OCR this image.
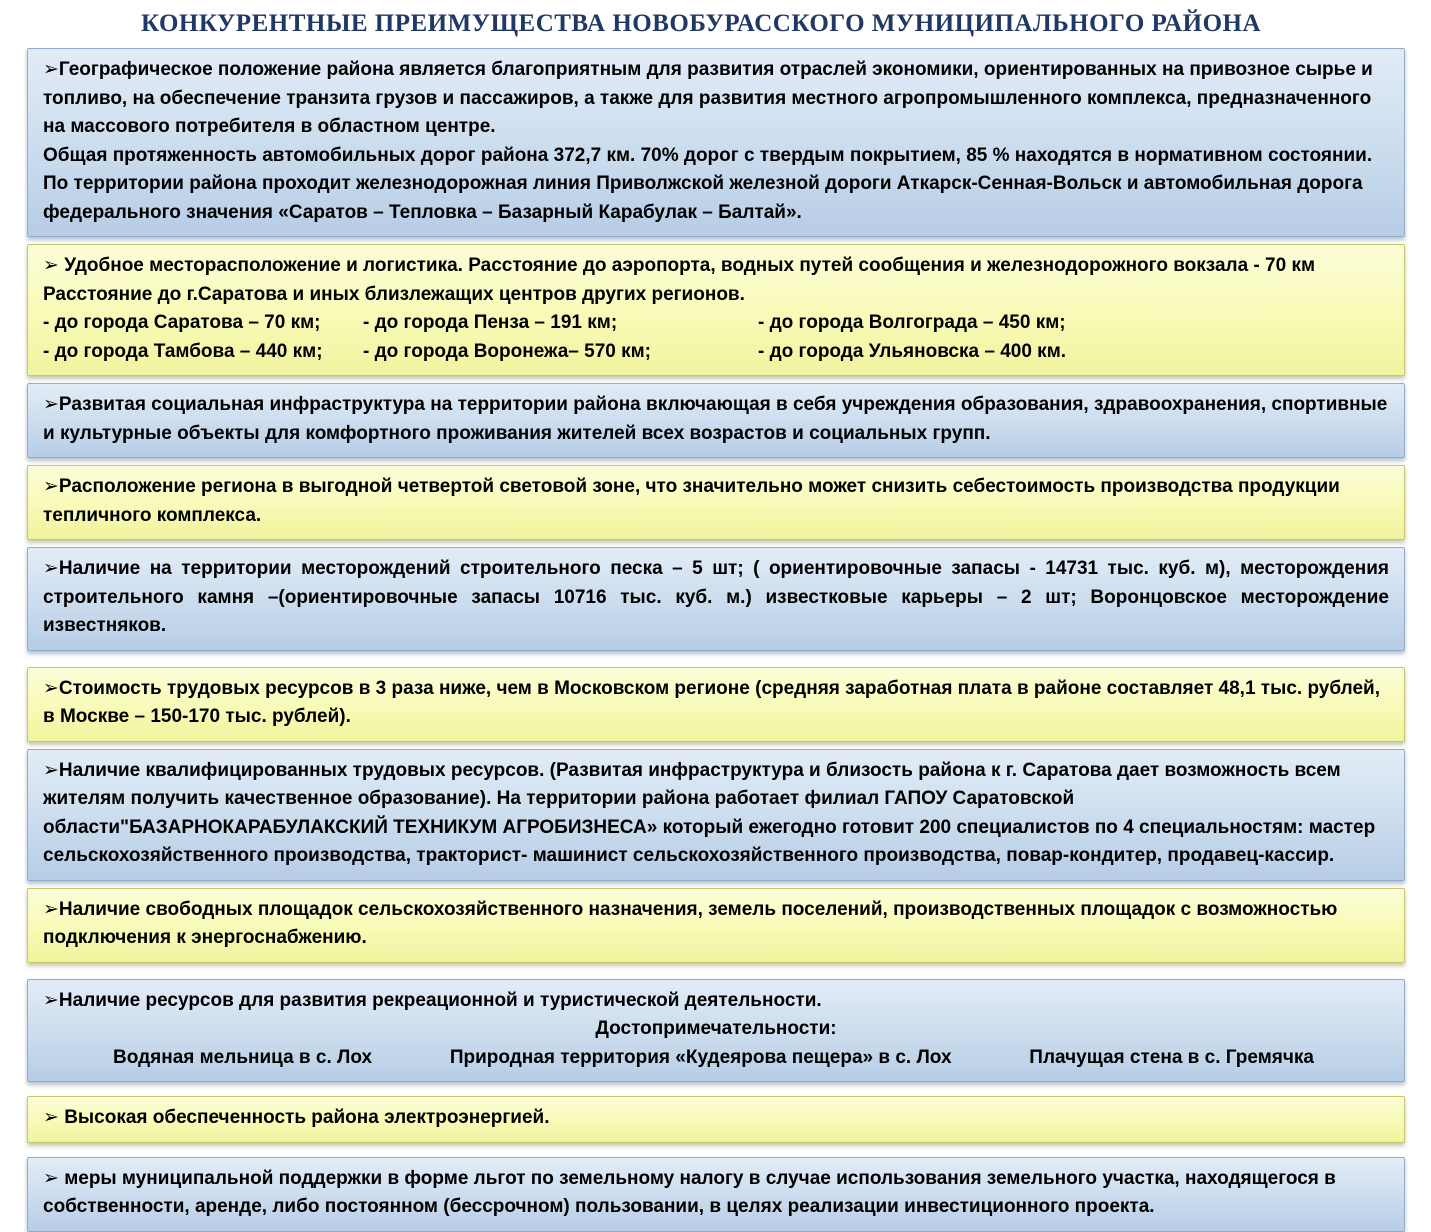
КОНКУРЕНТНЫЕ ПРЕИМУЩЕСТВА НОВОБУРАССКОГО МУНИЦИПАЛЬНОГО РАЙОНА

➢Географическое положение района является благоприятным для развития отраслей экономики, ориентированных на привозное сырье и топливо, на обеспечение транзита грузов и пассажиров, а также для развития местного агропромышленного комплекса, предназначенного на массового потребителя в областном центре.

Общая протяженность автомобильных дорог района 372,7 км. 70% дорог с твердым покрытием, 85 % находятся в нормативном состоянии.

По территории района проходит железнодорожная линия Приволжской железной дороги Аткарск-Сенная-Вольск и автомобильная дорога федерального значения «Саратов – Тепловка – Базарный Карабулак – Балтай».

➢ Удобное месторасположение и логистика. Расстояние до аэропорта, водных путей сообщения и железнодорожного вокзала - 70 км

Расстояние до г.Саратова и иных близлежащих центров других регионов.

- до города Саратова – 70 км;	- до города Пенза – 191 км;	- до города Волгограда – 450 км;
- до города Тамбова – 440 км;	- до города Воронежа– 570 км;	- до города Ульяновска – 400 км.

➢Развитая социальная инфраструктура на территории района включающая в себя учреждения образования, здравоохранения, спортивные и культурные объекты для комфортного проживания жителей всех возрастов и социальных групп.

➢Расположение региона в выгодной четвертой световой зоне, что значительно может снизить себестоимость производства продукции тепличного комплекса.

➢Наличие на территории месторождений строительного песка – 5 шт; ( ориентировочные запасы - 14731 тыс. куб. м), месторождения строительного камня –(ориентировочные запасы 10716 тыс. куб. м.) известковые карьеры – 2 шт; Воронцовское месторождение известняков.

➢Стоимость трудовых ресурсов в 3 раза ниже, чем в Московском регионе (средняя заработная плата в районе составляет 48,1 тыс. рублей, в Москве – 150-170 тыс. рублей).

➢Наличие квалифицированных трудовых ресурсов. (Развитая инфраструктура и близость района к г. Саратова дает возможность всем жителям получить качественное образование). На территории района работает филиал ГАПОУ Саратовской области"БАЗАРНОКАРАБУЛАКСКИЙ ТЕХНИКУМ АГРОБИЗНЕСА» который ежегодно готовит 200 специалистов по 4 специальностям: мастер сельскохозяйственного производства, тракторист- машинист сельскохозяйственного производства, повар-кондитер, продавец-кассир.

➢Наличие свободных площадок сельскохозяйственного назначения, земель поселений, производственных площадок с возможностью подключения к энергоснабжению.

➢Наличие ресурсов для развития рекреационной и туристической деятельности.

Достопримечательности:

Водяная мельница в с. Лох	Природная территория «Кудеярова пещера» в с. Лох	Плачущая стена в с. Гремячка

➢ Высокая обеспеченность района электроэнергией.

➢ меры муниципальной поддержки в форме льгот по земельному налогу в случае использования земельного участка, находящегося в собственности, аренде, либо постоянном (бессрочном) пользовании, в целях реализации инвестиционного проекта.
